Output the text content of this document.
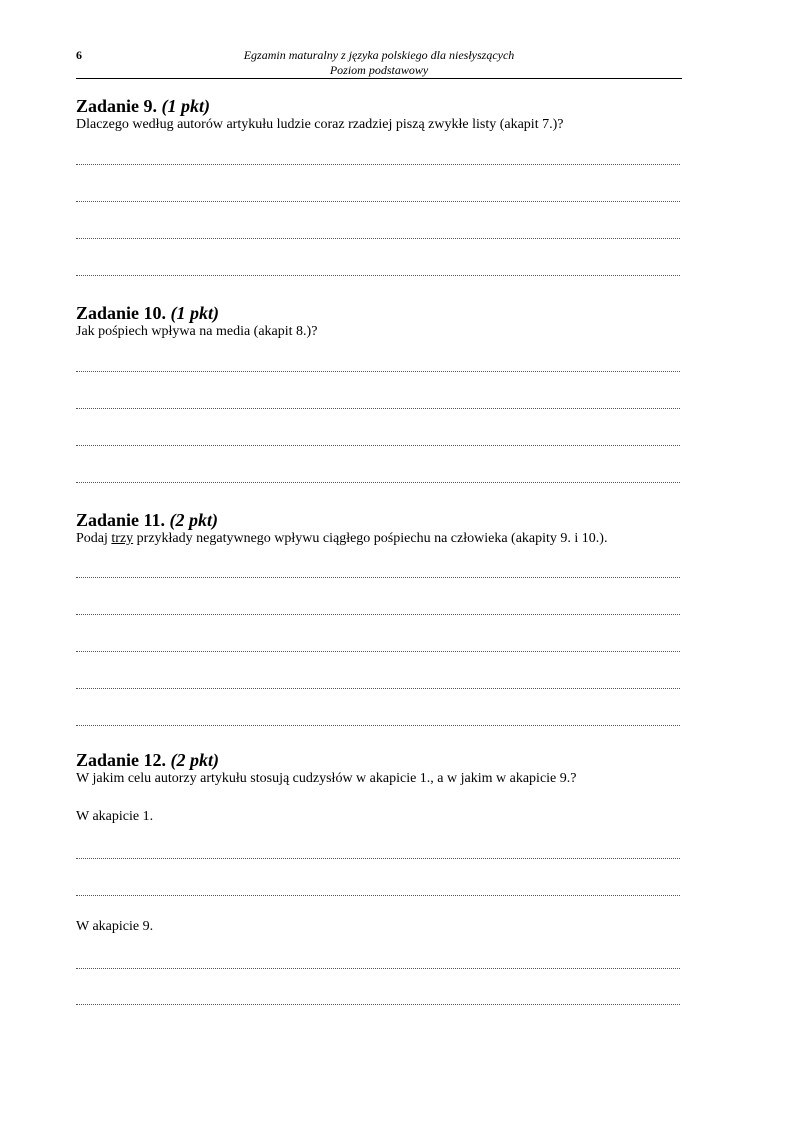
6	Egzamin maturalny z języka polskiego dla niesłyszących
Poziom podstawowy

Zadanie 9. (1 pkt)

Dlaczego według autorów artykułu ludzie coraz rzadziej piszą zwykłe listy (akapit 7.)?

Zadanie 10. (1 pkt)

Jak pośpiech wpływa na media (akapit 8.)?

Zadanie 11. (2 pkt)

Podaj trzy przykłady negatywnego wpływu ciągłego pośpiechu na człowieka (akapity 9. i 10.).

Zadanie 12. (2 pkt)

W jakim celu autorzy artykułu stosują cudzysłów w akapicie 1., a w jakim w akapicie 9.?

W akapicie 1.
W akapicie 9.
